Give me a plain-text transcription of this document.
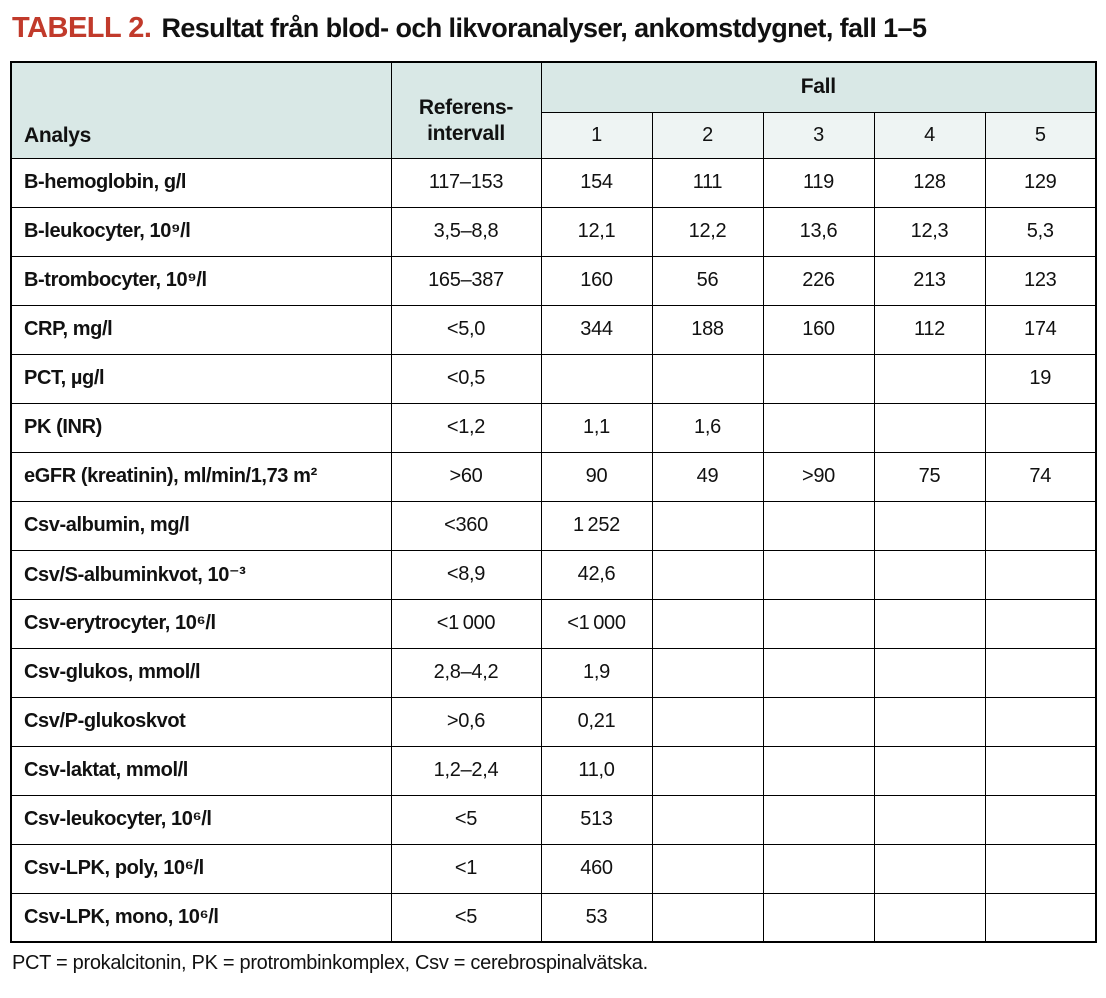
TABELL 2. Resultat från blod- och likvoranalyser, ankomstdygnet, fall 1–5
Analys	Referens-
intervall	Fall				
		1	2	3	4	5
B-hemoglobin, g/l	117–153	154	111	119	128	129
B-leukocyter, 10⁹/l	3,5–8,8	12,1	12,2	13,6	12,3	5,3
B-trombocyter, 10⁹/l	165–387	160	56	226	213	123
CRP, mg/l	<5,0	344	188	160	112	174
PCT, µg/l	<0,5					19
PK (INR)	<1,2	1,1	1,6			
eGFR (kreatinin), ml/min/1,73 m²	>60	90	49	>90	75	74
Csv-albumin, mg/l	<360	1 252				
Csv/S-albuminkvot, 10⁻³	<8,9	42,6				
Csv-erytrocyter, 10⁶/l	<1 000	<1 000				
Csv-glukos, mmol/l	2,8–4,2	1,9				
Csv/P-glukoskvot	>0,6	0,21				
Csv-laktat, mmol/l	1,2–2,4	11,0				
Csv-leukocyter, 10⁶/l	<5	513				
Csv-LPK, poly, 10⁶/l	<1	460				
Csv-LPK, mono, 10⁶/l	<5	53				

PCT = prokalcitonin, PK = protrombinkomplex, Csv = cerebrospinalvätska.
